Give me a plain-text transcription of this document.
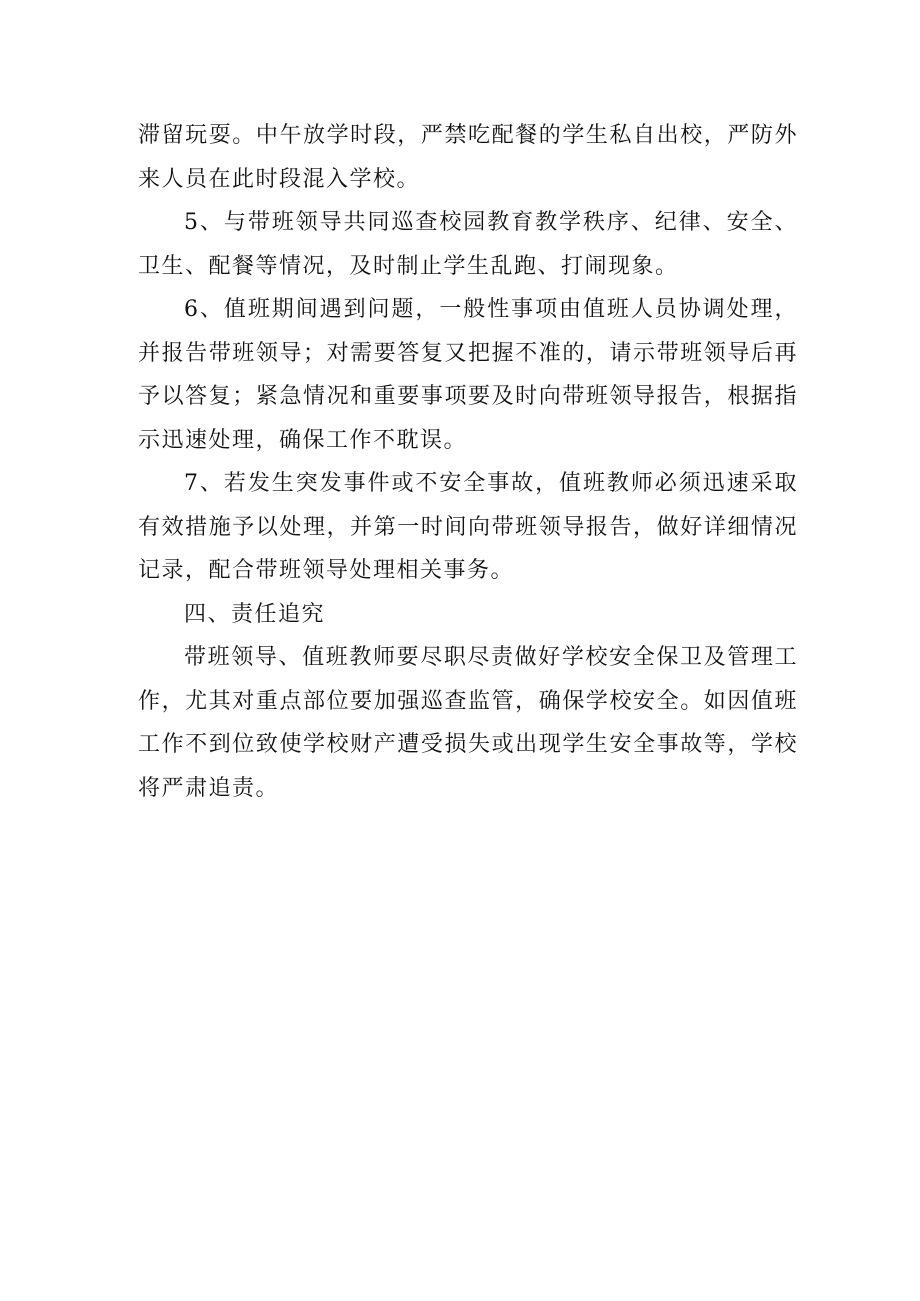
滞留玩耍。中午放学时段，严禁吃配餐的学生私自出校，严防外来人员在此时段混入学校。

5、与带班领导共同巡查校园教育教学秩序、纪律、安全、卫生、配餐等情况，及时制止学生乱跑、打闹现象。

6、值班期间遇到问题，一般性事项由值班人员协调处理，并报告带班领导；对需要答复又把握不准的，请示带班领导后再予以答复；紧急情况和重要事项要及时向带班领导报告，根据指示迅速处理，确保工作不耽误。

7、若发生突发事件或不安全事故，值班教师必须迅速采取有效措施予以处理，并第一时间向带班领导报告，做好详细情况记录，配合带班领导处理相关事务。

四、责任追究

带班领导、值班教师要尽职尽责做好学校安全保卫及管理工作，尤其对重点部位要加强巡查监管，确保学校安全。如因值班工作不到位致使学校财产遭受损失或出现学生安全事故等，学校将严肃追责。
